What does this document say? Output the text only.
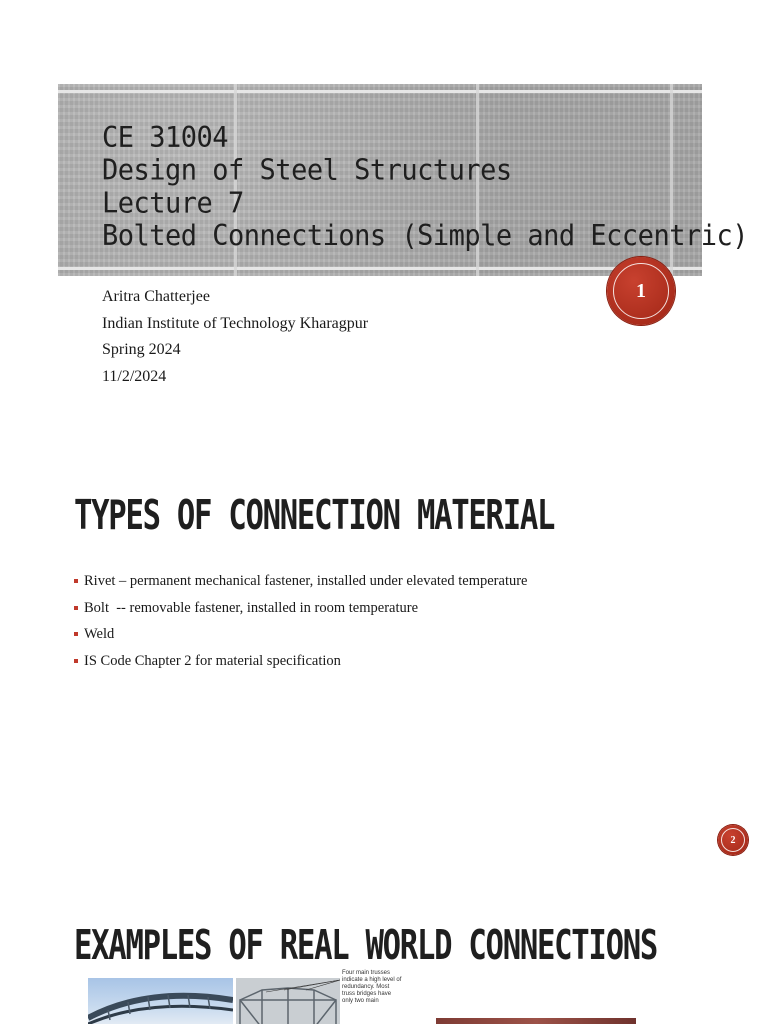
CE 31004
Design of Steel Structures
Lecture 7
Bolted Connections (Simple and Eccentric)
Aritra Chatterjee
Indian Institute of Technology Kharagpur
Spring 2024
11/2/2024
1
TYPES OF CONNECTION MATERIAL
Rivet – permanent mechanical fastener, installed under elevated temperature
Bolt  -- removable fastener, installed in room temperature
Weld
IS Code Chapter 2 for material specification
2
EXAMPLES OF REAL WORLD CONNECTIONS
Four main trusses indicate a high level of redundancy. Most truss bridges have only two main
